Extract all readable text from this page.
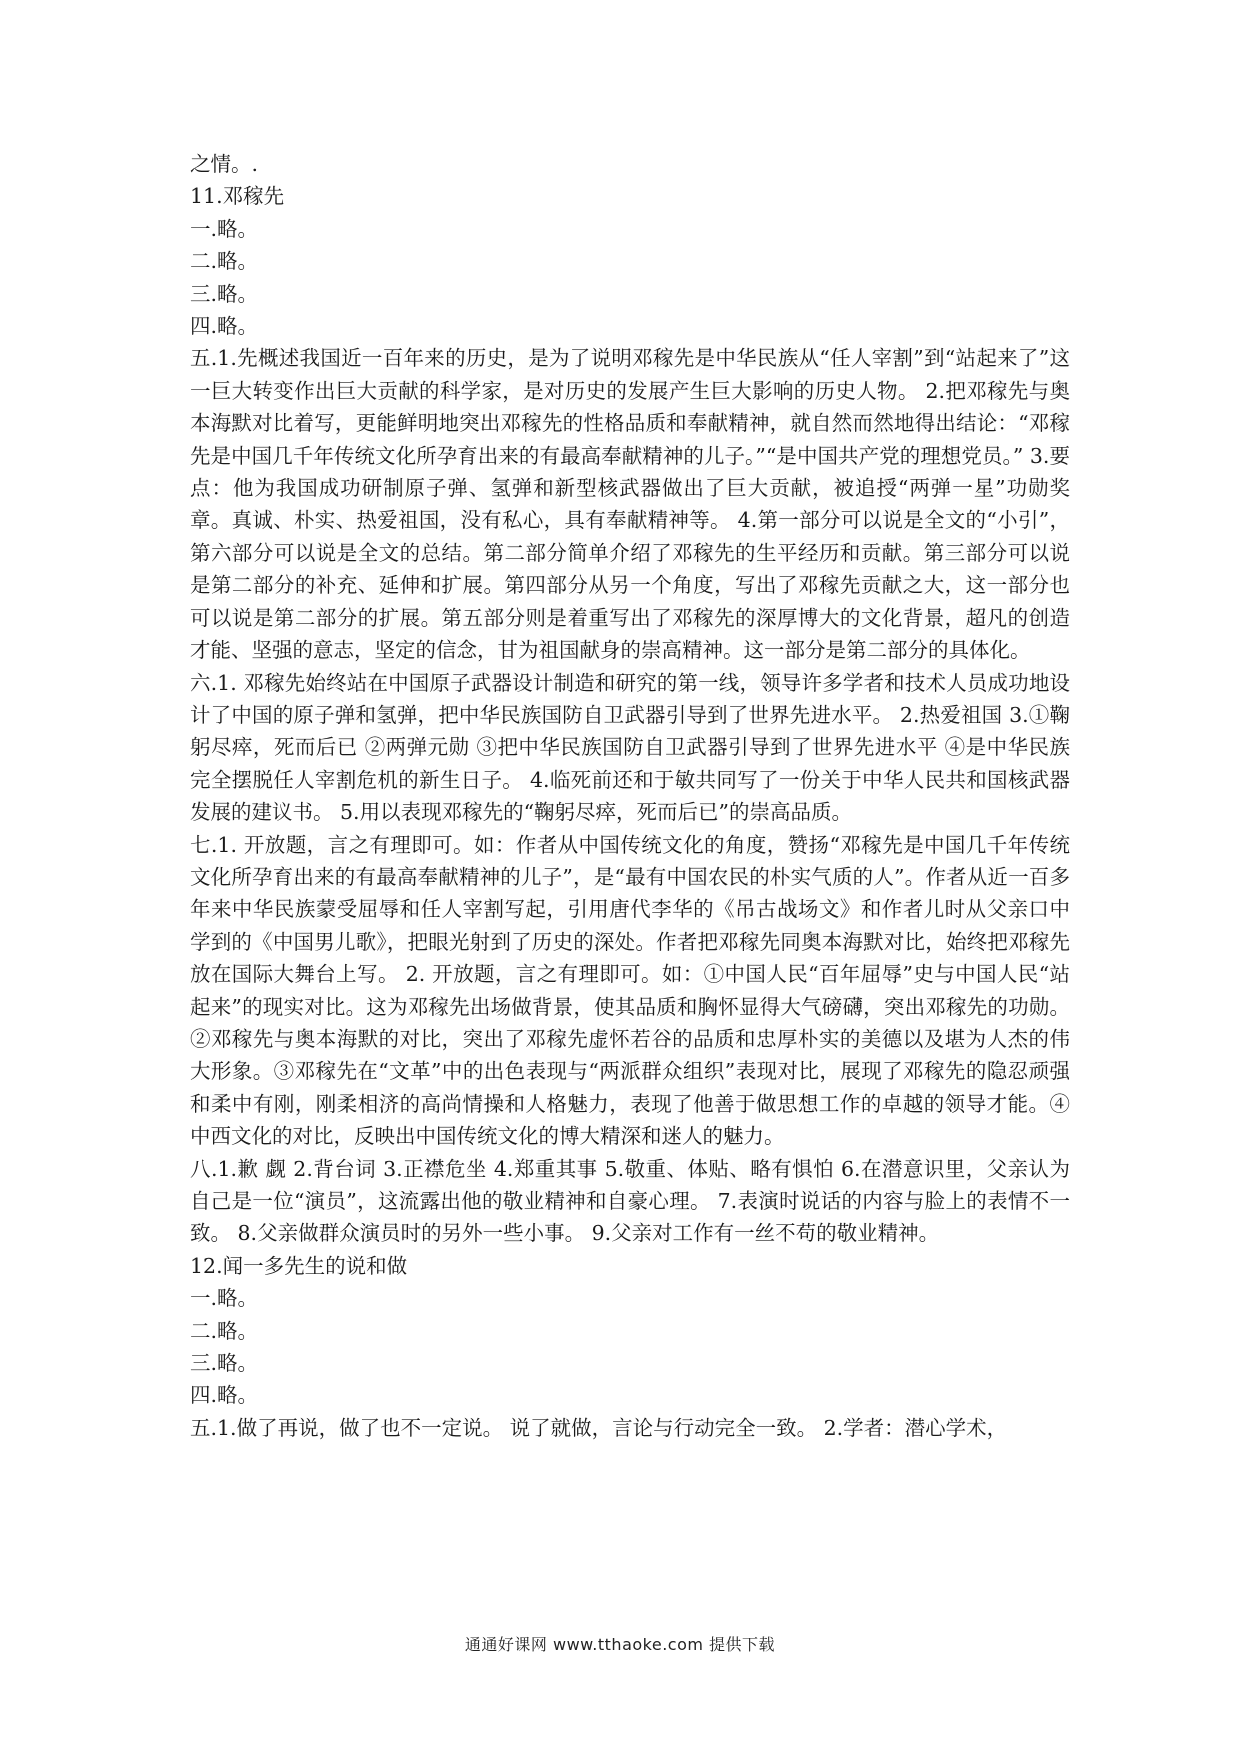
之情。.

11.邓稼先

一.略。

二.略。

三.略。

四.略。

五.1.先概述我国近一百年来的历史，是为了说明邓稼先是中华民族从“任人宰割”到“站起来了”这一巨大转变作出巨大贡献的科学家，是对历史的发展产生巨大影响的历史人物。 2.把邓稼先与奥本海默对比着写，更能鲜明地突出邓稼先的性格品质和奉献精神，就自然而然地得出结论：“邓稼先是中国几千年传统文化所孕育出来的有最高奉献精神的儿子。”“是中国共产党的理想党员。” 3.要点：他为我国成功研制原子弹、氢弹和新型核武器做出了巨大贡献，被追授“两弹一星”功勋奖章。真诚、朴实、热爱祖国，没有私心，具有奉献精神等。 4.第一部分可以说是全文的“小引”，第六部分可以说是全文的总结。第二部分简单介绍了邓稼先的生平经历和贡献。第三部分可以说是第二部分的补充、延伸和扩展。第四部分从另一个角度，写出了邓稼先贡献之大，这一部分也可以说是第二部分的扩展。第五部分则是着重写出了邓稼先的深厚博大的文化背景，超凡的创造才能、坚强的意志，坚定的信念，甘为祖国献身的崇高精神。这一部分是第二部分的具体化。

六.1. 邓稼先始终站在中国原子武器设计制造和研究的第一线，领导许多学者和技术人员成功地设计了中国的原子弹和氢弹，把中华民族国防自卫武器引导到了世界先进水平。 2.热爱祖国 3.①鞠躬尽瘁，死而后已 ②两弹元勋 ③把中华民族国防自卫武器引导到了世界先进水平 ④是中华民族完全摆脱任人宰割危机的新生日子。 4.临死前还和于敏共同写了一份关于中华人民共和国核武器发展的建议书。 5.用以表现邓稼先的“鞠躬尽瘁，死而后已”的崇高品质。

七.1. 开放题，言之有理即可。如：作者从中国传统文化的角度，赞扬“邓稼先是中国几千年传统文化所孕育出来的有最高奉献精神的儿子”，是“最有中国农民的朴实气质的人”。作者从近一百多年来中华民族蒙受屈辱和任人宰割写起，引用唐代李华的《吊古战场文》和作者儿时从父亲口中学到的《中国男儿歌》，把眼光射到了历史的深处。作者把邓稼先同奥本海默对比，始终把邓稼先放在国际大舞台上写。 2. 开放题，言之有理即可。如：①中国人民“百年屈辱”史与中国人民“站起来”的现实对比。这为邓稼先出场做背景，使其品质和胸怀显得大气磅礴，突出邓稼先的功勋。②邓稼先与奥本海默的对比，突出了邓稼先虚怀若谷的品质和忠厚朴实的美德以及堪为人杰的伟大形象。③邓稼先在“文革”中的出色表现与“两派群众组织”表现对比，展现了邓稼先的隐忍顽强和柔中有刚，刚柔相济的高尚情操和人格魅力，表现了他善于做思想工作的卓越的领导才能。④中西文化的对比，反映出中国传统文化的博大精深和迷人的魅力。

八.1.歉 觑 2.背台词 3.正襟危坐 4.郑重其事 5.敬重、体贴、略有惧怕 6.在潜意识里，父亲认为自己是一位“演员”，这流露出他的敬业精神和自豪心理。 7.表演时说话的内容与脸上的表情不一致。 8.父亲做群众演员时的另外一些小事。 9.父亲对工作有一丝不苟的敬业精神。

12.闻一多先生的说和做

一.略。

二.略。

三.略。

四.略。

五.1.做了再说，做了也不一定说。 说了就做，言论与行动完全一致。 2.学者：潜心学术，

通通好课网 www.tthaoke.com 提供下载
